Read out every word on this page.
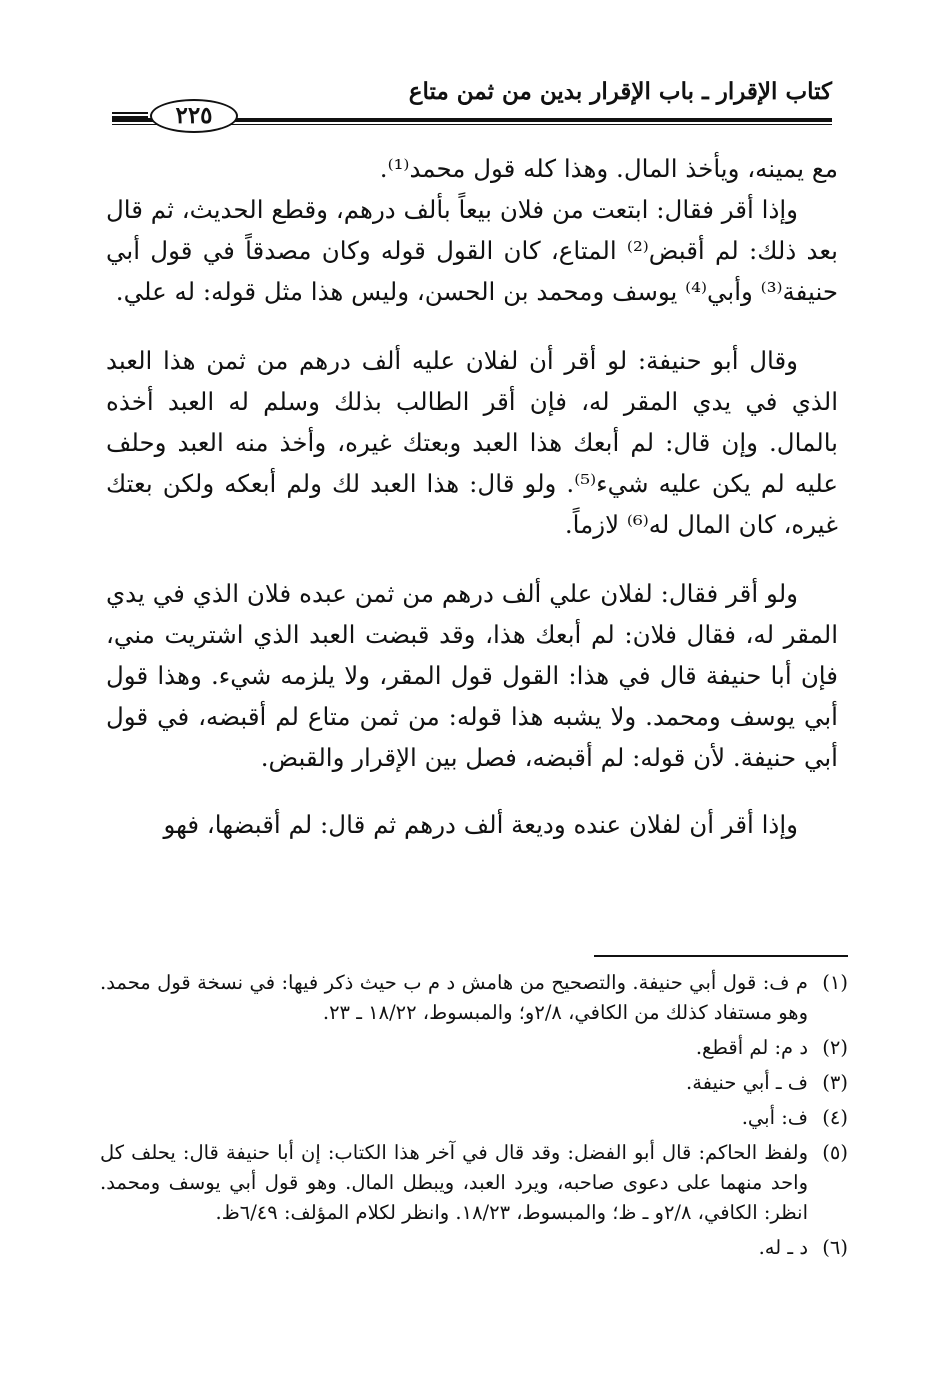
كتاب الإقرار ـ باب الإقرار بدين من ثمن متاع
٢٢٥

مع يمينه، ويأخذ المال. وهذا كله قول محمد⁽¹⁾.

وإذا أقر فقال: ابتعت من فلان بيعاً بألف درهم، وقطع الحديث، ثم قال بعد ذلك: لم أقبض⁽²⁾ المتاع، كان القول قوله وكان مصدقاً في قول أبي حنيفة⁽³⁾ وأبي⁽⁴⁾ يوسف ومحمد بن الحسن، وليس هذا مثل قوله: له علي.

وقال أبو حنيفة: لو أقر أن لفلان عليه ألف درهم من ثمن هذا العبد الذي في يدي المقر له، فإن أقر الطالب بذلك وسلم له العبد أخذه بالمال. وإن قال: لم أبعك هذا العبد وبعتك غيره، وأخذ منه العبد وحلف عليه لم يكن عليه شيء⁽⁵⁾. ولو قال: هذا العبد لك ولم أبعكه ولكن بعتك غيره، كان المال له⁽⁶⁾ لازماً.

ولو أقر فقال: لفلان علي ألف درهم من ثمن عبده فلان الذي في يدي المقر له، فقال فلان: لم أبعك هذا، وقد قبضت العبد الذي اشتريت مني، فإن أبا حنيفة قال في هذا: القول قول المقر، ولا يلزمه شيء. وهذا قول أبي يوسف ومحمد. ولا يشبه هذا قوله: من ثمن متاع لم أقبضه، في قول أبي حنيفة. لأن قوله: لم أقبضه، فصل بين الإقرار والقبض.

وإذا أقر أن لفلان عنده وديعة ألف درهم ثم قال: لم أقبضها، فهو

(١)
م ف: قول أبي حنيفة. والتصحيح من هامش د م ب حيث ذكر فيها: في نسخة قول محمد. وهو مستفاد كذلك من الكافي، ٢/٨و؛ والمبسوط، ١٨/٢٢ ـ ٢٣.
(٢)
د م: لم أقطع.
(٣)
ف ـ أبي حنيفة.
(٤)
ف: أبي.
(٥)
ولفظ الحاكم: قال أبو الفضل: وقد قال في آخر هذا الكتاب: إن أبا حنيفة قال: يحلف كل واحد منهما على دعوى صاحبه، ويرد العبد، ويبطل المال. وهو قول أبي يوسف ومحمد. انظر: الكافي، ٢/٨و ـ ظ؛ والمبسوط، ١٨/٢٣. وانظر لكلام المؤلف: ٦/٤٩ظ.
(٦)
د ـ له.
